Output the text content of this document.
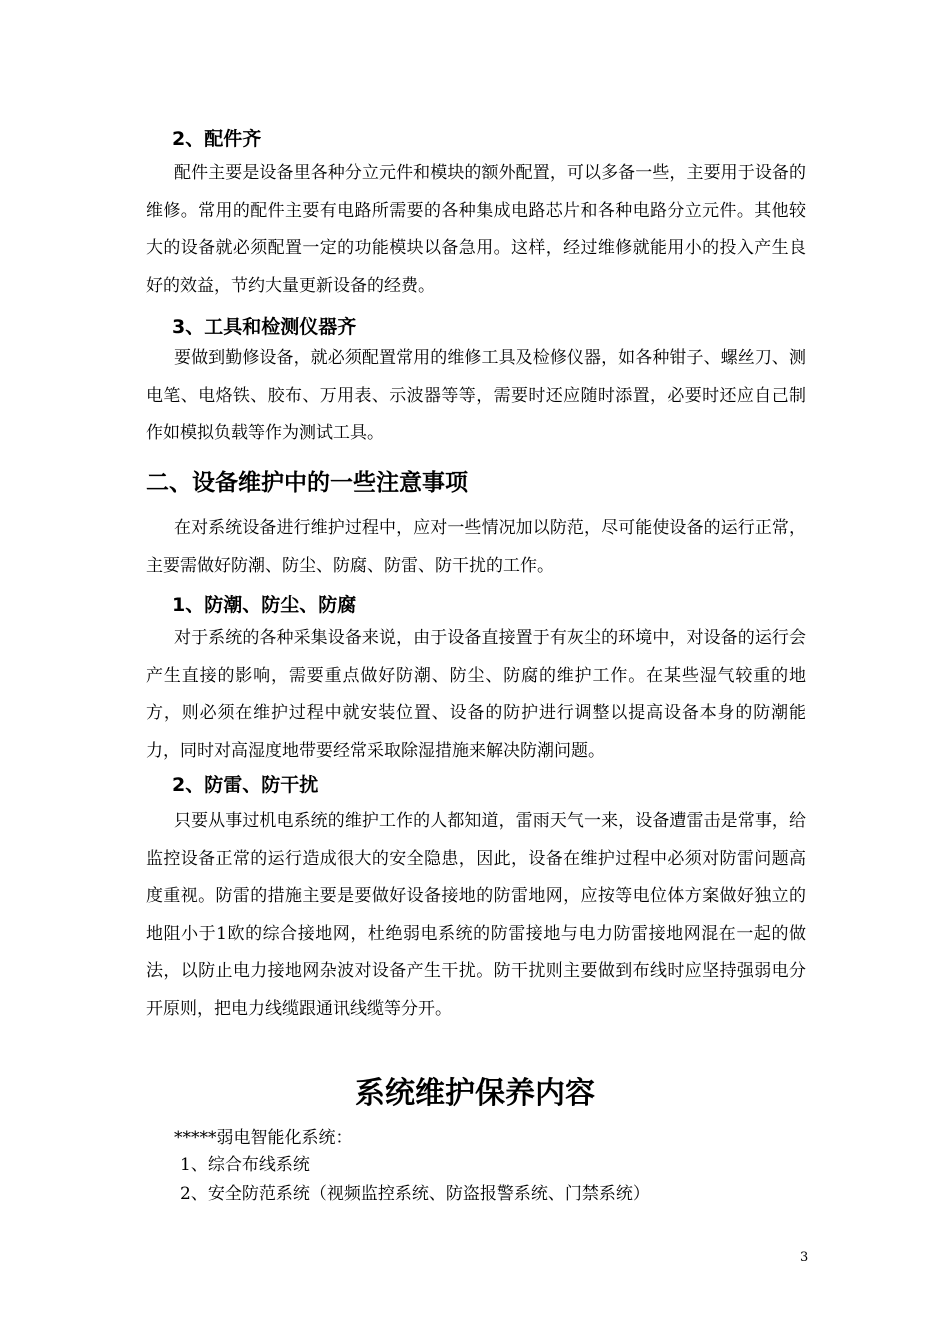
2、配件齐

配件主要是设备里各种分立元件和模块的额外配置，可以多备一些，主要用于设备的维修。常用的配件主要有电路所需要的各种集成电路芯片和各种电路分立元件。其他较大的设备就必须配置一定的功能模块以备急用。这样，经过维修就能用小的投入产生良好的效益，节约大量更新设备的经费。

3、工具和检测仪器齐

要做到勤修设备，就必须配置常用的维修工具及检修仪器，如各种钳子、螺丝刀、测电笔、电烙铁、胶布、万用表、示波器等等，需要时还应随时添置，必要时还应自己制作如模拟负载等作为测试工具。

二、设备维护中的一些注意事项

在对系统设备进行维护过程中，应对一些情况加以防范，尽可能使设备的运行正常，主要需做好防潮、防尘、防腐、防雷、防干扰的工作。

1、防潮、防尘、防腐

对于系统的各种采集设备来说，由于设备直接置于有灰尘的环境中，对设备的运行会产生直接的影响，需要重点做好防潮、防尘、防腐的维护工作。在某些湿气较重的地方，则必须在维护过程中就安装位置、设备的防护进行调整以提高设备本身的防潮能力，同时对高湿度地带要经常采取除湿措施来解决防潮问题。

2、防雷、防干扰

只要从事过机电系统的维护工作的人都知道，雷雨天气一来，设备遭雷击是常事，给监控设备正常的运行造成很大的安全隐患，因此，设备在维护过程中必须对防雷问题高度重视。防雷的措施主要是要做好设备接地的防雷地网，应按等电位体方案做好独立的地阻小于1欧的综合接地网，杜绝弱电系统的防雷接地与电力防雷接地网混在一起的做法，以防止电力接地网杂波对设备产生干扰。防干扰则主要做到布线时应坚持强弱电分开原则，把电力线缆跟通讯线缆等分开。

系统维护保养内容
*****弱电智能化系统：
1、综合布线系统
2、安全防范系统（视频监控系统、防盗报警系统、门禁系统）
3
